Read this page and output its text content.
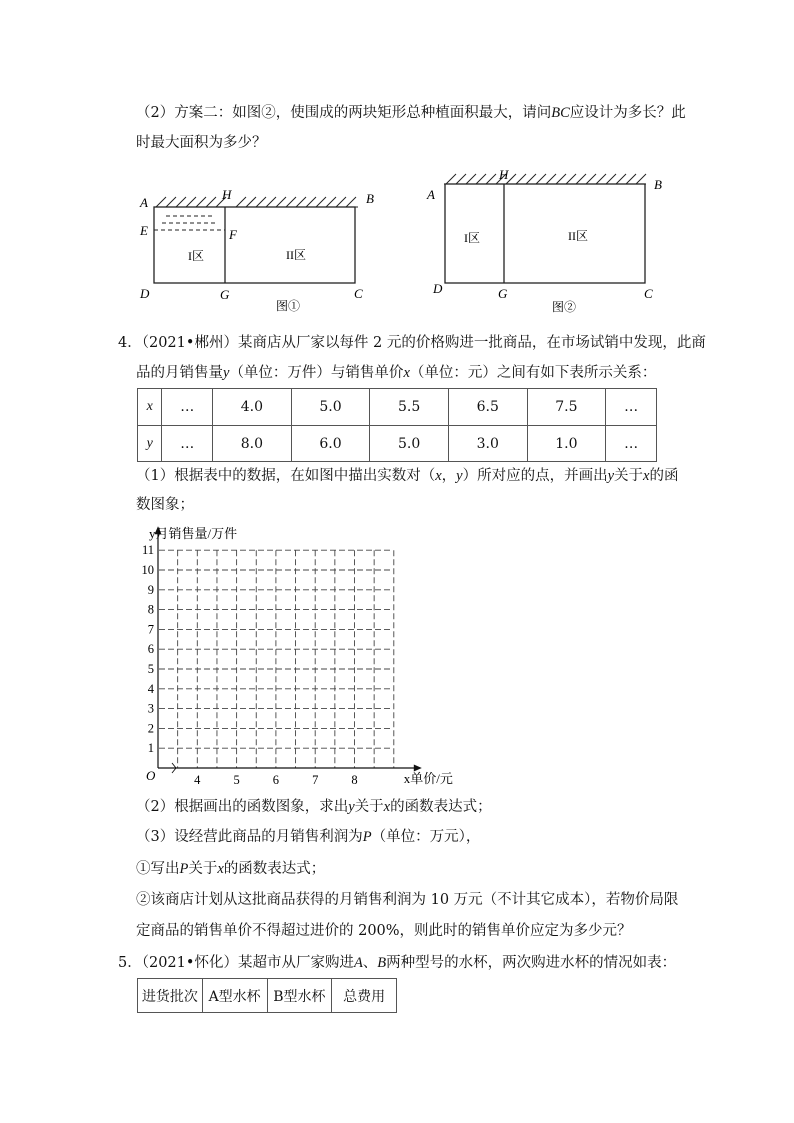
（2）方案二：如图②，使围成的两块矩形总种植面积最大，请问BC应设计为多长？此
时最大面积为多少？
A
H	B
E	F
D	G	C
I区	II区
图①
A
H
B
D	G	C
I区	II区
图②
4．（2021•郴州）某商店从厂家以每件 2 元的价格购进一批商品，在市场试销中发现，此商
品的月销售量y（单位：万件）与销售单价x（单位：元）之间有如下表所示关系：
x	…	4.0	5.0	5.5	6.5	7.5	…
y	…	8.0	6.0	5.0	3.0	1.0	…
（1）根据表中的数据，在如图中描出实数对（x，y）所对应的点，并画出y关于x的函
数图象；
1
2
3
4
5
6
7
8
9
10
11
4	5	6	7	8
O	x单价/元
y月销售量/万件
（2）根据画出的函数图象，求出y关于x的函数表达式；
（3）设经营此商品的月销售利润为P（单位：万元），
①写出P关于x的函数表达式；
②该商店计划从这批商品获得的月销售利润为 10 万元（不计其它成本），若物价局限
定商品的销售单价不得超过进价的 200%，则此时的销售单价应定为多少元？
5．（2021•怀化）某超市从厂家购进A、B两种型号的水杯，两次购进水杯的情况如表：
进货批次	A型水杯	B型水杯	总费用
